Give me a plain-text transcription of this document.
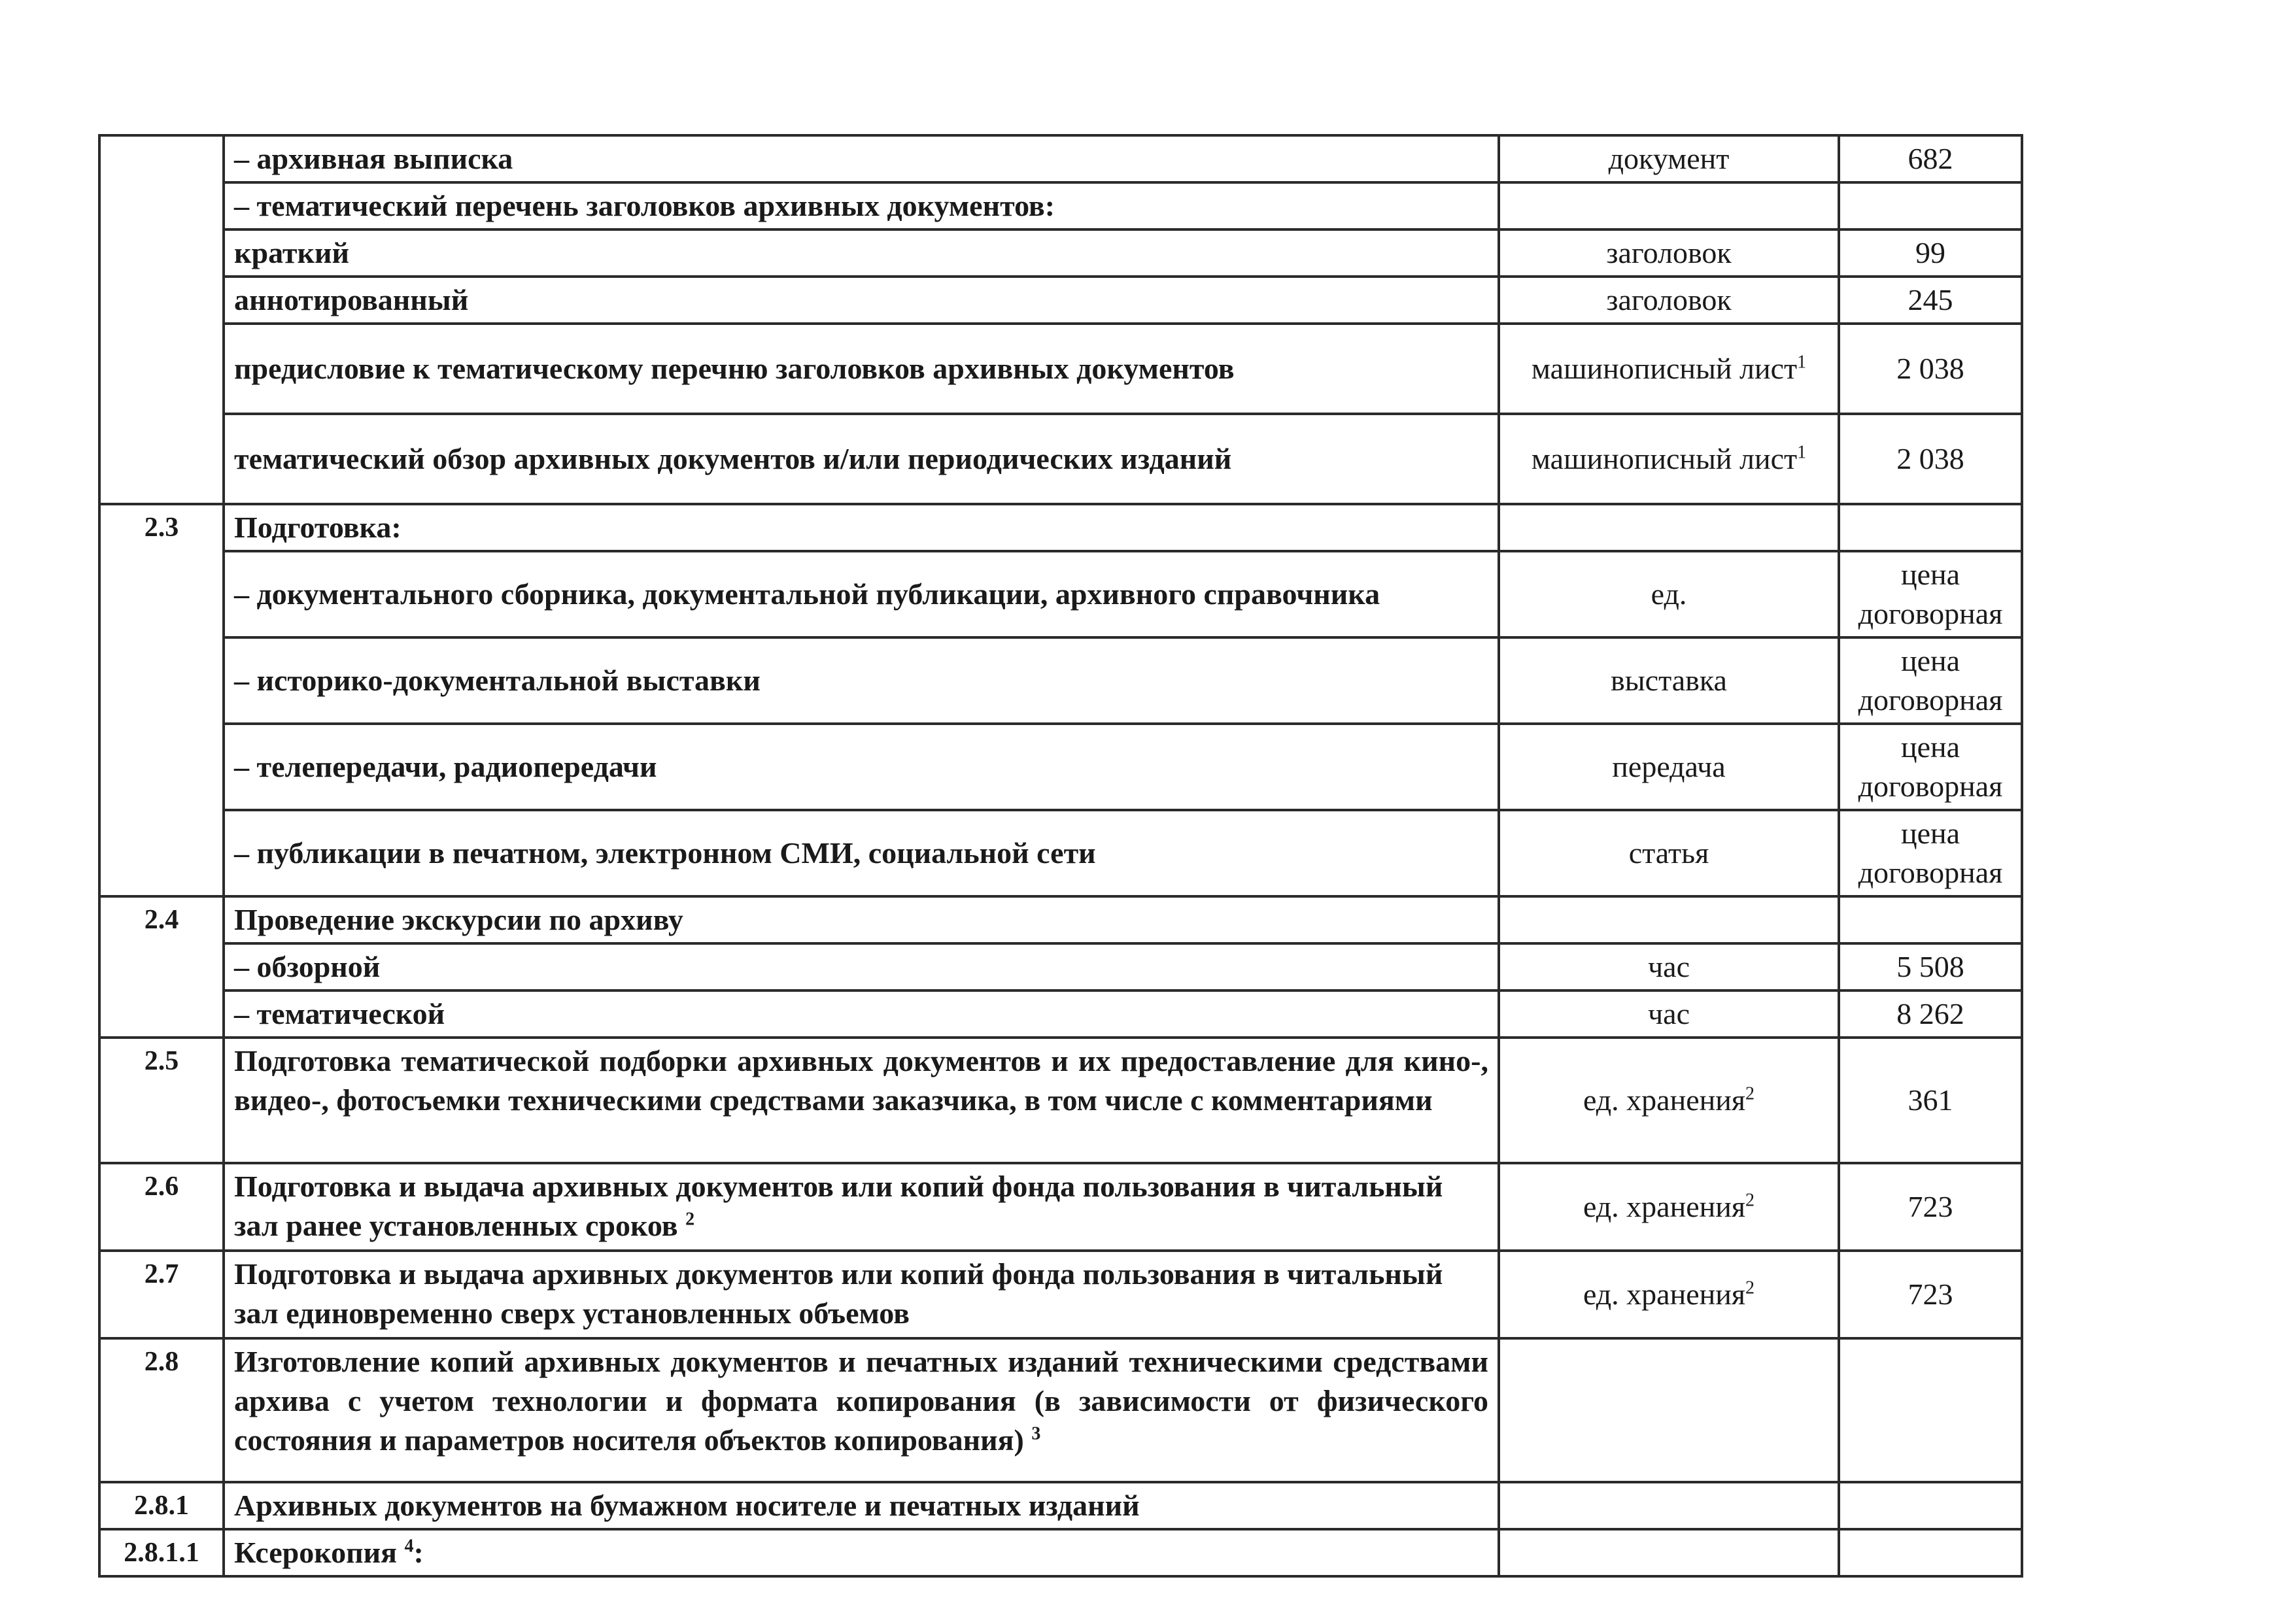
	– архивная выписка	документ	682
	– тематический перечень заголовков архивных документов:		
	краткий	заголовок	99
	аннотированный	заголовок	245
	предисловие к тематическому перечню заголовков архивных документов	машинописный лист$^1$	2 038
	тематический обзор архивных документов и/или периодических изданий	машинописный лист$^1$	2 038
2.3	Подготовка:		
	– документального сборника, документальной публикации, архивного справочника	ед.	цена
договорная

	– историко-документальной выставки	выставка	цена
договорная

	– телепередачи, радиопередачи	передача	цена
договорная

	– публикации в печатном, электронном СМИ, социальной сети	статья	цена
договорная

2.4	Проведение экскурсии по архиву		
	– обзорной	час	5 508
	– тематической	час	8 262
2.5	Подготовка тематической подборки архивных документов и их предоставление для кино-, видео-, фотосъемки техническими средствами заказчика, в том числе с комментариями	ед. хранения$^2$	361
2.6	Подготовка и выдача архивных документов или копий фонда пользования в читальный зал ранее установленных сроков $^2$	ед. хранения$^2$	723
2.7	Подготовка и выдача архивных документов или копий фонда пользования в читальный зал единовременно сверх установленных объемов	ед. хранения$^2$	723
2.8	Изготовление копий архивных документов и печатных изданий техническими средствами архива с учетом технологии и формата копирования (в зависимости от физического состояния и параметров носителя объектов копирования) $^3$		
2.8.1	Архивных документов на бумажном носителе и печатных изданий		
2.8.1.1	Ксерокопия $^4$:		
